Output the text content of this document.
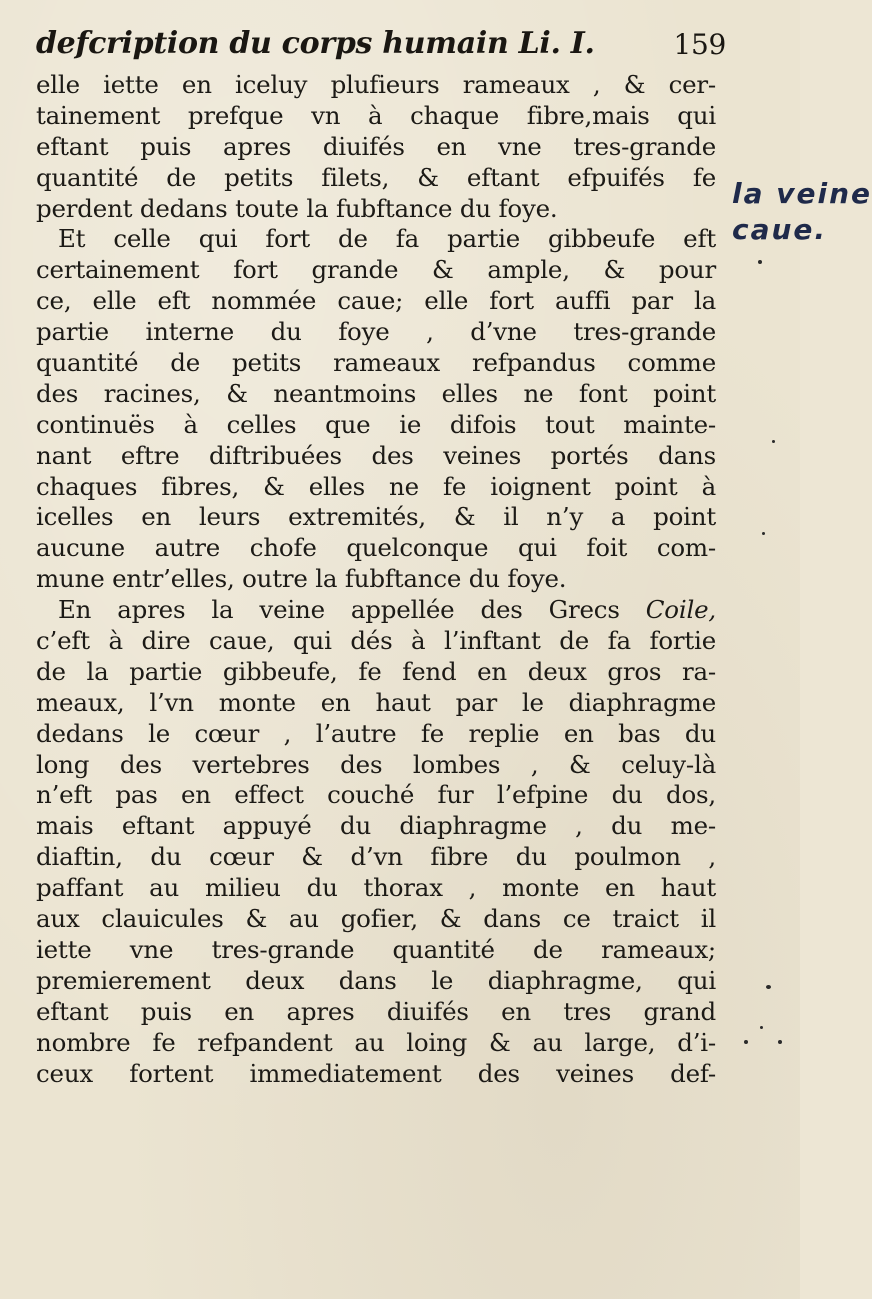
defcription du corps humain Li. I.	159
elle iette en iceluy plufieurs rameaux , & cer-
tainement prefque vn à chaque fibre,mais qui
eftant puis apres diuifés en vne tres-grande
quantité de petits filets, & eftant efpuifés fe
perdent dedans toute la fubftance du foye.
Et celle qui fort de fa partie gibbeufe eft
certainement fort grande & ample, & pour
ce, elle eft nommée caue; elle fort auffi par la
partie interne du foye , d’vne tres-grande
quantité de petits rameaux refpandus comme
des racines, & neantmoins elles ne font point
continuës à celles que ie difois tout mainte-
nant eftre diftribuées des veines portés dans
chaques fibres, & elles ne fe ioignent point à
icelles en leurs extremités, & il n’y a point
aucune autre chofe quelconque qui foit com-
mune entr’elles, outre la fubftance du foye.
En apres la veine appellée des Grecs Coile,
c’eft à dire caue, qui dés à l’inftant de fa fortie
de la partie gibbeufe, fe fend en deux gros ra-
meaux, l’vn monte en haut par le diaphragme
dedans le cœur , l’autre fe replie en bas du
long des vertebres des lombes , & celuy-là
n’eft pas en effect couché fur l’efpine du dos,
mais eftant appuyé du diaphragme , du me-
diaftin, du cœur & d’vn fibre du poulmon ,
paffant au milieu du thorax , monte en haut
aux clauicules & au gofier, & dans ce traict il
iette vne tres-grande quantité de rameaux;
premierement deux dans le diaphragme, qui
eftant puis en apres diuifés en tres grand
nombre fe refpandent au loing & au large, d’i-
ceux fortent immediatement des veines def-
la veine
caue.
